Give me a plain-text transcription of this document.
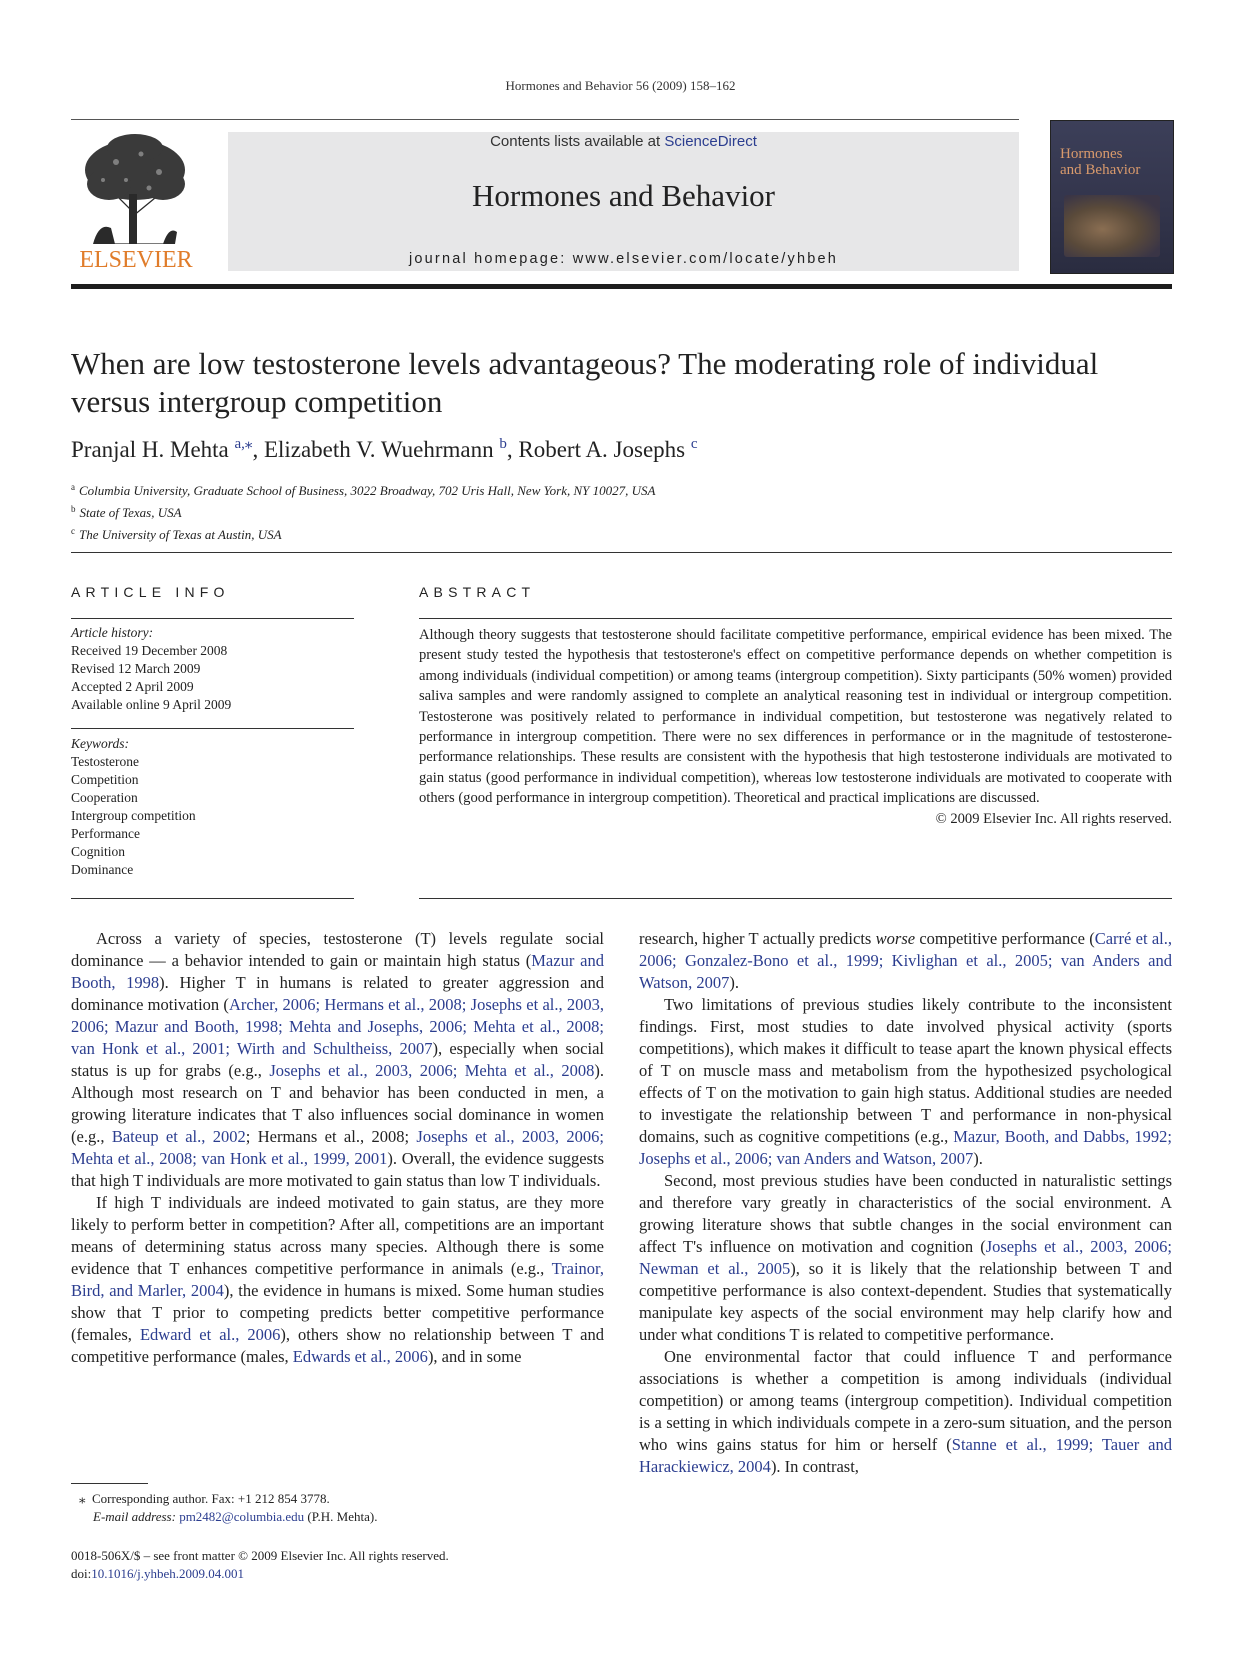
Hormones and Behavior 56 (2009) 158–162
ELSEVIER
Contents lists available at ScienceDirect
Hormones and Behavior
journal homepage: www.elsevier.com/locate/yhbeh
Hormones
and Behavior
When are low testosterone levels advantageous? The moderating role of individual versus intergroup competition
Pranjal H. Mehta $^{a,⁎}$, Elizabeth V. Wuehrmann $^b$, Robert A. Josephs $^c$
$^a$ Columbia University, Graduate School of Business, 3022 Broadway, 702 Uris Hall, New York, NY 10027, USA
$^b$ State of Texas, USA
$^c$ The University of Texas at Austin, USA
ARTICLE INFO	ABSTRACT
Article history:
Received 19 December 2008
Revised 12 March 2009
Accepted 2 April 2009
Available online 9 April 2009
Keywords:
Testosterone
Competition
Cooperation
Intergroup competition
Performance
Cognition
Dominance
Although theory suggests that testosterone should facilitate competitive performance, empirical evidence has been mixed. The present study tested the hypothesis that testosterone's effect on competitive performance depends on whether competition is among individuals (individual competition) or among teams (intergroup competition). Sixty participants (50% women) provided saliva samples and were randomly assigned to complete an analytical reasoning test in individual or intergroup competition. Testosterone was positively related to performance in individual competition, but testosterone was negatively related to performance in intergroup competition. There were no sex differences in performance or in the magnitude of testosterone-performance relationships. These results are consistent with the hypothesis that high testosterone individuals are motivated to gain status (good performance in individual competition), whereas low testosterone individuals are motivated to cooperate with others (good performance in intergroup competition). Theoretical and practical implications are discussed.
© 2009 Elsevier Inc. All rights reserved.

Across a variety of species, testosterone (T) levels regulate social dominance — a behavior intended to gain or maintain high status (Mazur and Booth, 1998). Higher T in humans is related to greater aggression and dominance motivation (Archer, 2006; Hermans et al., 2008; Josephs et al., 2003, 2006; Mazur and Booth, 1998; Mehta and Josephs, 2006; Mehta et al., 2008; van Honk et al., 2001; Wirth and Schultheiss, 2007), especially when social status is up for grabs (e.g., Josephs et al., 2003, 2006; Mehta et al., 2008). Although most research on T and behavior has been conducted in men, a growing literature indicates that T also influences social dominance in women (e.g., Bateup et al., 2002; Hermans et al., 2008; Josephs et al., 2003, 2006; Mehta et al., 2008; van Honk et al., 1999, 2001). Overall, the evidence suggests that high T individuals are more motivated to gain status than low T individuals.

If high T individuals are indeed motivated to gain status, are they more likely to perform better in competition? After all, competitions are an important means of determining status across many species. Although there is some evidence that T enhances competitive performance in animals (e.g., Trainor, Bird, and Marler, 2004), the evidence in humans is mixed. Some human studies show that T prior to competing predicts better competitive performance (females, Edward et al., 2006), others show no relationship between T and competitive performance (males, Edwards et al., 2006), and in some

research, higher T actually predicts worse competitive performance (Carré et al., 2006; Gonzalez-Bono et al., 1999; Kivlighan et al., 2005; van Anders and Watson, 2007).

Two limitations of previous studies likely contribute to the inconsistent findings. First, most studies to date involved physical activity (sports competitions), which makes it difficult to tease apart the known physical effects of T on muscle mass and metabolism from the hypothesized psychological effects of T on the motivation to gain high status. Additional studies are needed to investigate the relationship between T and performance in non-physical domains, such as cognitive competitions (e.g., Mazur, Booth, and Dabbs, 1992; Josephs et al., 2006; van Anders and Watson, 2007).

Second, most previous studies have been conducted in naturalistic settings and therefore vary greatly in characteristics of the social environment. A growing literature shows that subtle changes in the social environment can affect T's influence on motivation and cognition (Josephs et al., 2003, 2006; Newman et al., 2005), so it is likely that the relationship between T and competitive performance is also context-dependent. Studies that systematically manipulate key aspects of the social environment may help clarify how and under what conditions T is related to competitive performance.

One environmental factor that could influence T and performance associations is whether a competition is among individuals (individual competition) or among teams (intergroup competition). Individual competition is a setting in which individuals compete in a zero-sum situation, and the person who wins gains status for him or herself (Stanne et al., 1999; Tauer and Harackiewicz, 2004). In contrast,

⁎ Corresponding author. Fax: +1 212 854 3778.
E-mail address: pm2482@columbia.edu (P.H. Mehta).
0018-506X/$ – see front matter © 2009 Elsevier Inc. All rights reserved.
doi:10.1016/j.yhbeh.2009.04.001
